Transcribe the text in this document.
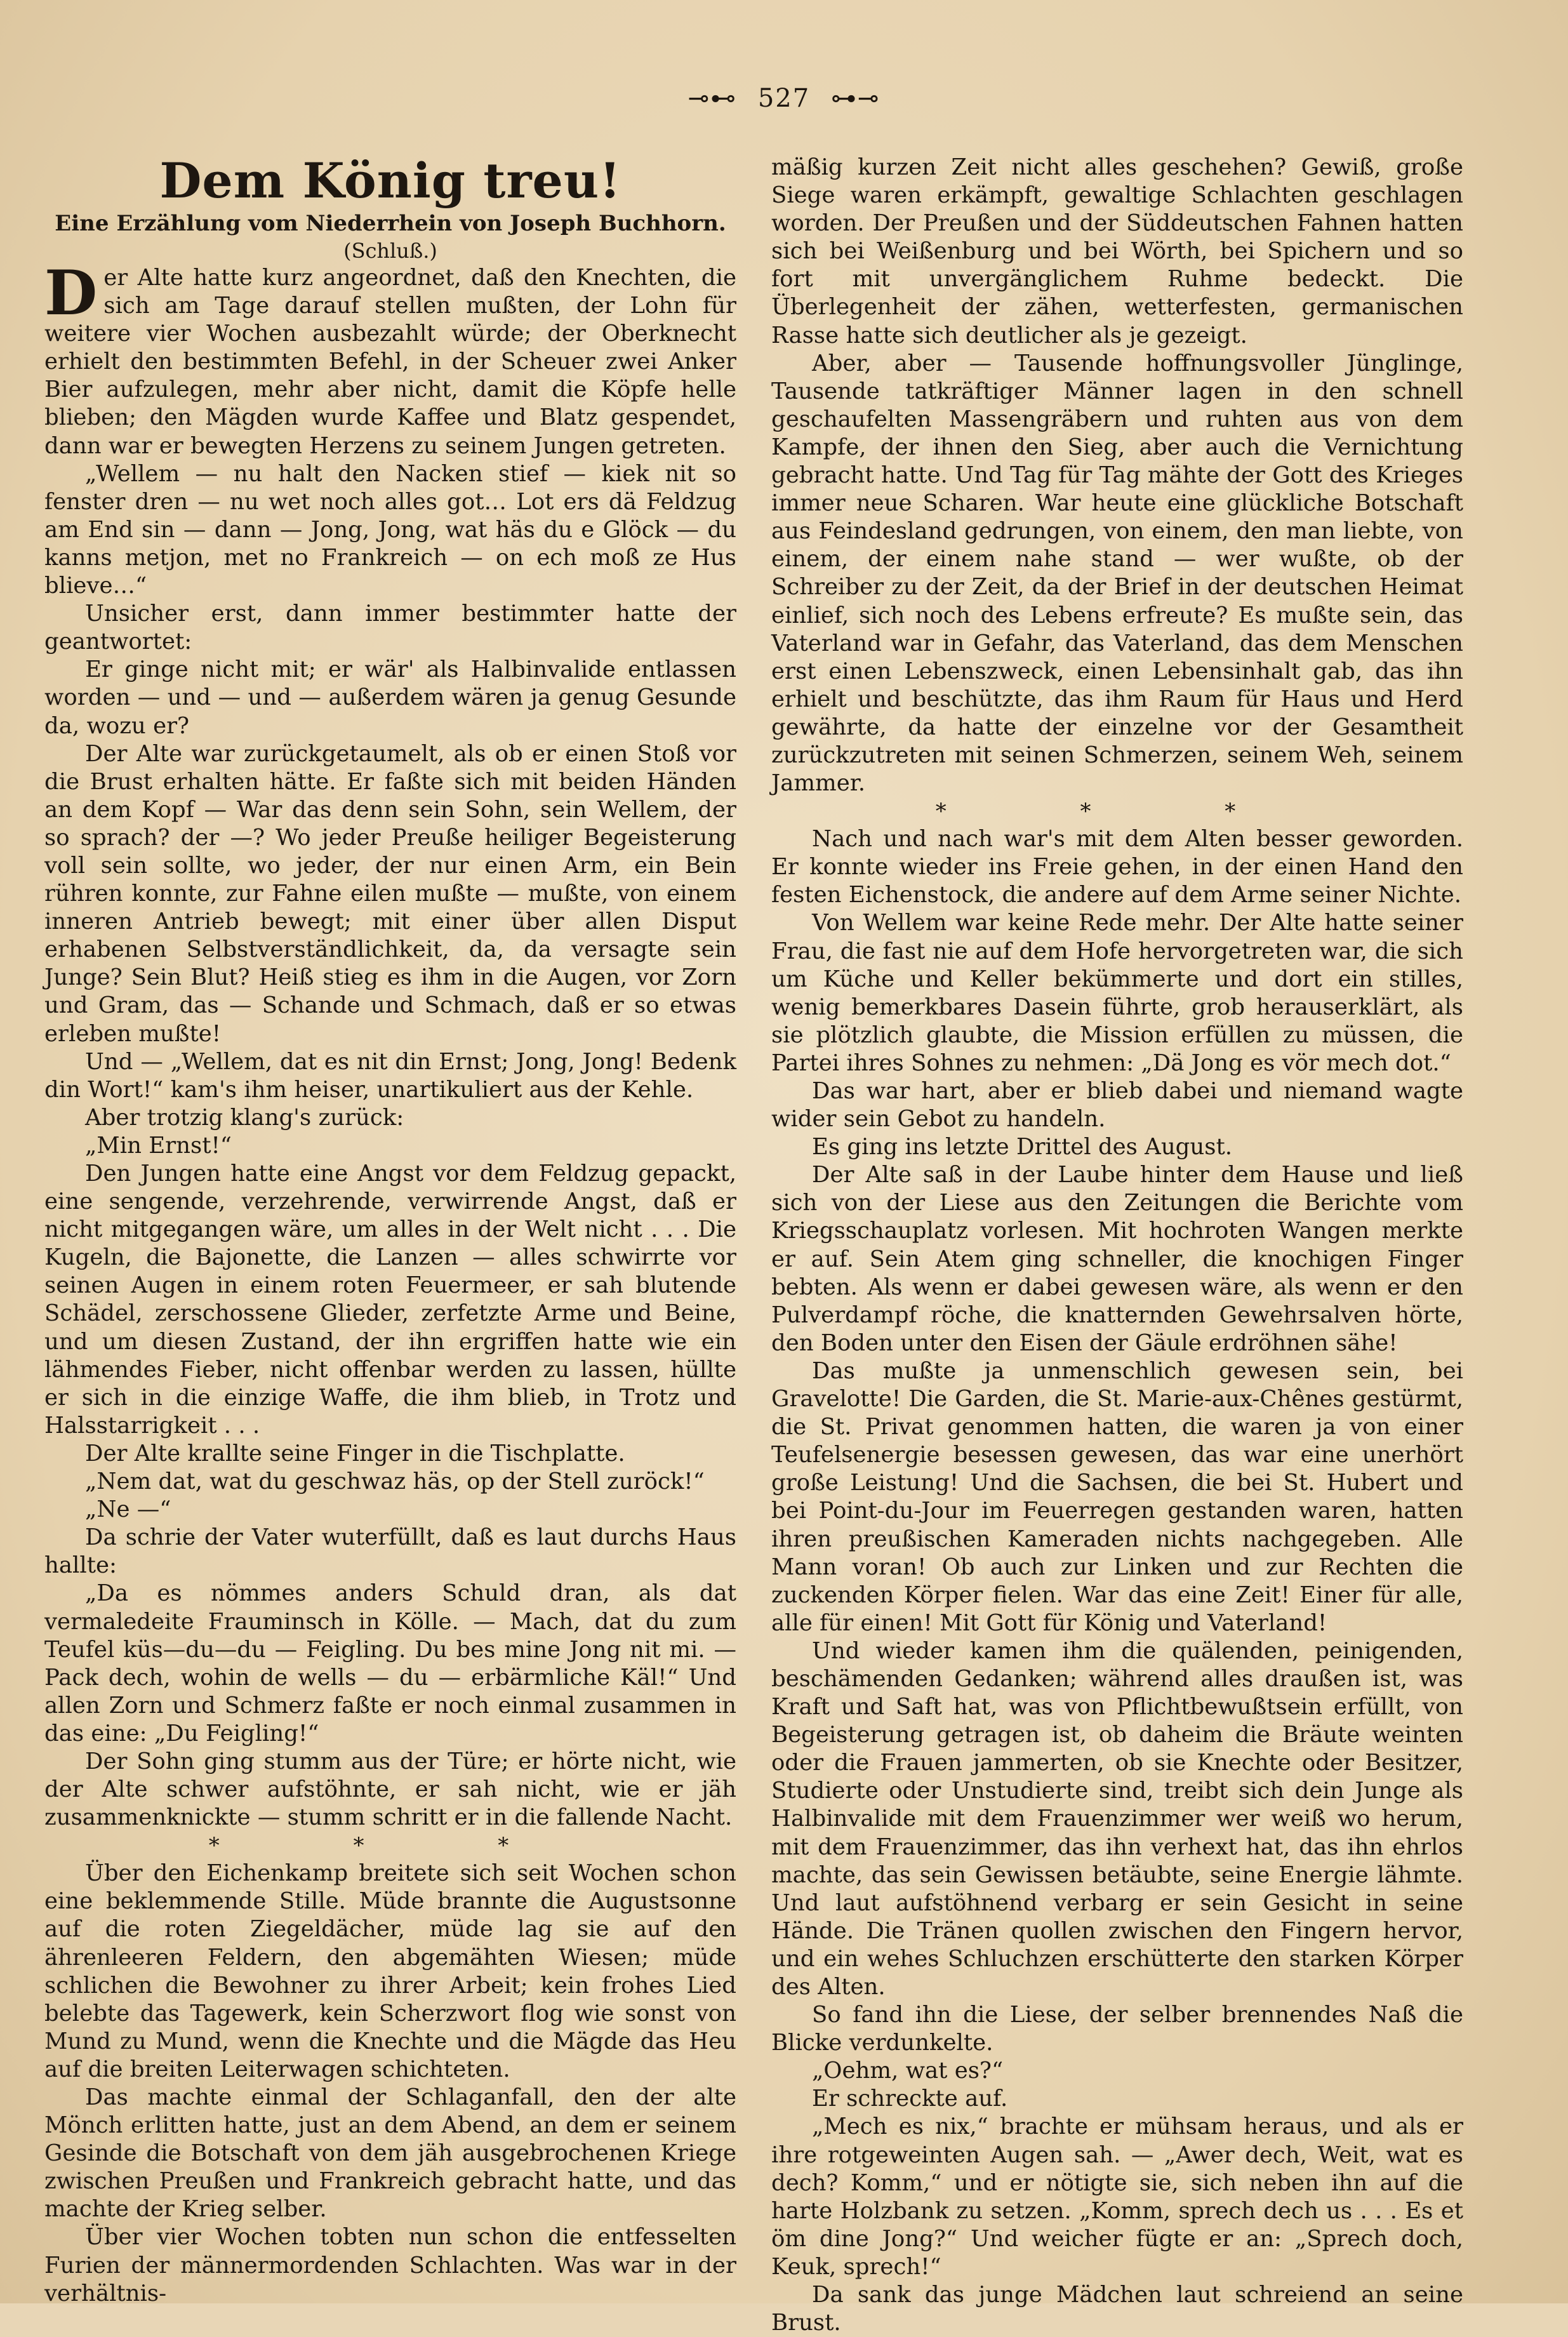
⊸⊷ 527 ⊶⊸
Dem König treu!

Eine Erzählung vom Niederrhein von Joseph Buchhorn.

(Schluß.)

Der Alte hatte kurz angeordnet, daß den Knechten, die sich am Tage darauf stellen mußten, der Lohn für weitere vier Wochen ausbezahlt würde; der Oberknecht erhielt den bestimmten Befehl, in der Scheuer zwei Anker Bier aufzulegen, mehr aber nicht, damit die Köpfe helle blieben; den Mägden wurde Kaffee und Blatz gespendet, dann war er bewegten Herzens zu seinem Jungen getreten.

„Wellem — nu halt den Nacken stief — kiek nit so fenster dren — nu wet noch alles got… Lot ers dä Feldzug am End sin — dann — Jong, Jong, wat häs du e Glöck — du kanns metjon, met no Frankreich — on ech moß ze Hus blieve…“

Unsicher erst, dann immer bestimmter hatte der geantwortet:

Er ginge nicht mit; er wär' als Halbinvalide entlassen worden — und — und — außerdem wären ja genug Gesunde da, wozu er?

Der Alte war zurückgetaumelt, als ob er einen Stoß vor die Brust erhalten hätte. Er faßte sich mit beiden Händen an dem Kopf — War das denn sein Sohn, sein Wellem, der so sprach? der —? Wo jeder Preuße heiliger Begeisterung voll sein sollte, wo jeder, der nur einen Arm, ein Bein rühren konnte, zur Fahne eilen mußte — mußte, von einem inneren Antrieb bewegt; mit einer über allen Disput erhabenen Selbstverständlichkeit, da, da versagte sein Junge? Sein Blut? Heiß stieg es ihm in die Augen, vor Zorn und Gram, das — Schande und Schmach, daß er so etwas erleben mußte!

Und — „Wellem, dat es nit din Ernst; Jong, Jong! Bedenk din Wort!“ kam's ihm heiser, unartikuliert aus der Kehle.

Aber trotzig klang's zurück:

„Min Ernst!“

Den Jungen hatte eine Angst vor dem Feldzug gepackt, eine sengende, verzehrende, verwirrende Angst, daß er nicht mitgegangen wäre, um alles in der Welt nicht . . . Die Kugeln, die Bajonette, die Lanzen — alles schwirrte vor seinen Augen in einem roten Feuermeer, er sah blutende Schädel, zerschossene Glieder, zerfetzte Arme und Beine, und um diesen Zustand, der ihn ergriffen hatte wie ein lähmendes Fieber, nicht offenbar werden zu lassen, hüllte er sich in die einzige Waffe, die ihm blieb, in Trotz und Halsstarrigkeit . . .

Der Alte krallte seine Finger in die Tischplatte.

„Nem dat, wat du geschwaz häs, op der Stell zuröck!“

„Ne —“

Da schrie der Vater wuterfüllt, daß es laut durchs Haus hallte:

„Da es nömmes anders Schuld dran, als dat vermaledeite Frauminsch in Kölle. — Mach, dat du zum Teufel küs—du—du — Feigling. Du bes mine Jong nit mi. — Pack dech, wohin de wells — du — erbärmliche Käl!“ Und allen Zorn und Schmerz faßte er noch einmal zusammen in das eine: „Du Feigling!“

Der Sohn ging stumm aus der Türe; er hörte nicht, wie der Alte schwer aufstöhnte, er sah nicht, wie er jäh zusammenknickte — stumm schritt er in die fallende Nacht.

* * *

Über den Eichenkamp breitete sich seit Wochen schon eine beklemmende Stille. Müde brannte die Augustsonne auf die roten Ziegeldächer, müde lag sie auf den ährenleeren Feldern, den abgemähten Wiesen; müde schlichen die Bewohner zu ihrer Arbeit; kein frohes Lied belebte das Tagewerk, kein Scherzwort flog wie sonst von Mund zu Mund, wenn die Knechte und die Mägde das Heu auf die breiten Leiterwagen schichteten.

Das machte einmal der Schlaganfall, den der alte Mönch erlitten hatte, just an dem Abend, an dem er seinem Gesinde die Botschaft von dem jäh ausgebrochenen Kriege zwischen Preußen und Frankreich gebracht hatte, und das machte der Krieg selber.

Über vier Wochen tobten nun schon die entfesselten Furien der männermordenden Schlachten. Was war in der verhältnis-

mäßig kurzen Zeit nicht alles geschehen? Gewiß, große Siege waren erkämpft, gewaltige Schlachten geschlagen worden. Der Preußen und der Süddeutschen Fahnen hatten sich bei Weißenburg und bei Wörth, bei Spichern und so fort mit unvergänglichem Ruhme bedeckt. Die Überlegenheit der zähen, wetterfesten, germanischen Rasse hatte sich deutlicher als je gezeigt.

Aber, aber — Tausende hoffnungsvoller Jünglinge, Tausende tatkräftiger Männer lagen in den schnell geschaufelten Massengräbern und ruhten aus von dem Kampfe, der ihnen den Sieg, aber auch die Vernichtung gebracht hatte. Und Tag für Tag mähte der Gott des Krieges immer neue Scharen. War heute eine glückliche Botschaft aus Feindesland gedrungen, von einem, den man liebte, von einem, der einem nahe stand — wer wußte, ob der Schreiber zu der Zeit, da der Brief in der deutschen Heimat einlief, sich noch des Lebens erfreute? Es mußte sein, das Vaterland war in Gefahr, das Vaterland, das dem Menschen erst einen Lebenszweck, einen Lebensinhalt gab, das ihn erhielt und beschützte, das ihm Raum für Haus und Herd gewährte, da hatte der einzelne vor der Gesamtheit zurückzutreten mit seinen Schmerzen, seinem Weh, seinem Jammer.

* * *

Nach und nach war's mit dem Alten besser geworden. Er konnte wieder ins Freie gehen, in der einen Hand den festen Eichenstock, die andere auf dem Arme seiner Nichte.

Von Wellem war keine Rede mehr. Der Alte hatte seiner Frau, die fast nie auf dem Hofe hervorgetreten war, die sich um Küche und Keller bekümmerte und dort ein stilles, wenig bemerkbares Dasein führte, grob herauserklärt, als sie plötzlich glaubte, die Mission erfüllen zu müssen, die Partei ihres Sohnes zu nehmen: „Dä Jong es vör mech dot.“

Das war hart, aber er blieb dabei und niemand wagte wider sein Gebot zu handeln.

Es ging ins letzte Drittel des August.

Der Alte saß in der Laube hinter dem Hause und ließ sich von der Liese aus den Zeitungen die Berichte vom Kriegsschauplatz vorlesen. Mit hochroten Wangen merkte er auf. Sein Atem ging schneller, die knochigen Finger bebten. Als wenn er dabei gewesen wäre, als wenn er den Pulverdampf röche, die knatternden Gewehrsalven hörte, den Boden unter den Eisen der Gäule erdröhnen sähe!

Das mußte ja unmenschlich gewesen sein, bei Gravelotte! Die Garden, die St. Marie-aux-Chênes gestürmt, die St. Privat genommen hatten, die waren ja von einer Teufelsenergie besessen gewesen, das war eine unerhört große Leistung! Und die Sachsen, die bei St. Hubert und bei Point-du-Jour im Feuerregen gestanden waren, hatten ihren preußischen Kameraden nichts nachgegeben. Alle Mann voran! Ob auch zur Linken und zur Rechten die zuckenden Körper fielen. War das eine Zeit! Einer für alle, alle für einen! Mit Gott für König und Vaterland!

Und wieder kamen ihm die quälenden, peinigenden, beschämenden Gedanken; während alles draußen ist, was Kraft und Saft hat, was von Pflichtbewußtsein erfüllt, von Begeisterung getragen ist, ob daheim die Bräute weinten oder die Frauen jammerten, ob sie Knechte oder Besitzer, Studierte oder Unstudierte sind, treibt sich dein Junge als Halbinvalide mit dem Frauenzimmer wer weiß wo herum, mit dem Frauenzimmer, das ihn verhext hat, das ihn ehrlos machte, das sein Gewissen betäubte, seine Energie lähmte. Und laut aufstöhnend verbarg er sein Gesicht in seine Hände. Die Tränen quollen zwischen den Fingern hervor, und ein wehes Schluchzen erschütterte den starken Körper des Alten.

So fand ihn die Liese, der selber brennendes Naß die Blicke verdunkelte.

„Oehm, wat es?“

Er schreckte auf.

„Mech es nix,“ brachte er mühsam heraus, und als er ihre rotgeweinten Augen sah. — „Awer dech, Weit, wat es dech? Komm,“ und er nötigte sie, sich neben ihn auf die harte Holzbank zu setzen. „Komm, sprech dech us . . . Es et öm dine Jong?“ Und weicher fügte er an: „Sprech doch, Keuk, sprech!“

Da sank das junge Mädchen laut schreiend an seine Brust.
